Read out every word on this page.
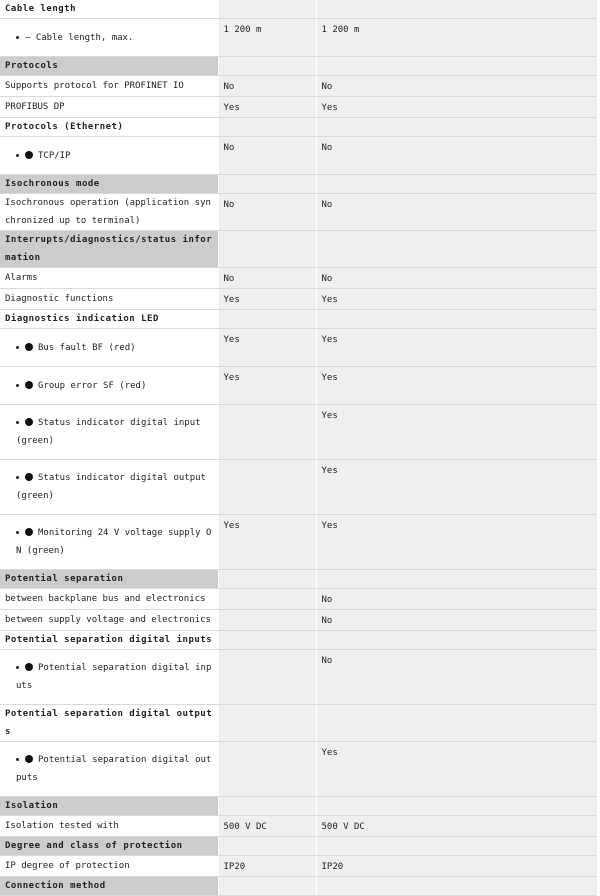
Cable length		
— Cable length, max.	1 200 m	1 200 m
Protocols		
Supports protocol for PROFINET IO	No	No
PROFIBUS DP	Yes	Yes
Protocols (Ethernet)		
TCP/IP	No	No
Isochronous mode		
Isochronous operation (application synchronized up to terminal)	No	No
Interrupts/diagnostics/status information		
Alarms	No	No
Diagnostic functions	Yes	Yes
Diagnostics indication LED		
Bus fault BF (red)	Yes	Yes
Group error SF (red)	Yes	Yes
Status indicator digital input (green)		Yes
Status indicator digital output (green)		Yes
Monitoring 24 V voltage supply ON (green)	Yes	Yes
Potential separation		
between backplane bus and electronics		No
between supply voltage and electronics		No
Potential separation digital inputs		
Potential separation digital inputs		No
Potential separation digital outputs		
Potential separation digital outputs		Yes
Isolation		
Isolation tested with	500 V DC	500 V DC
Degree and class of protection		
IP degree of protection	IP20	IP20
Connection method		
